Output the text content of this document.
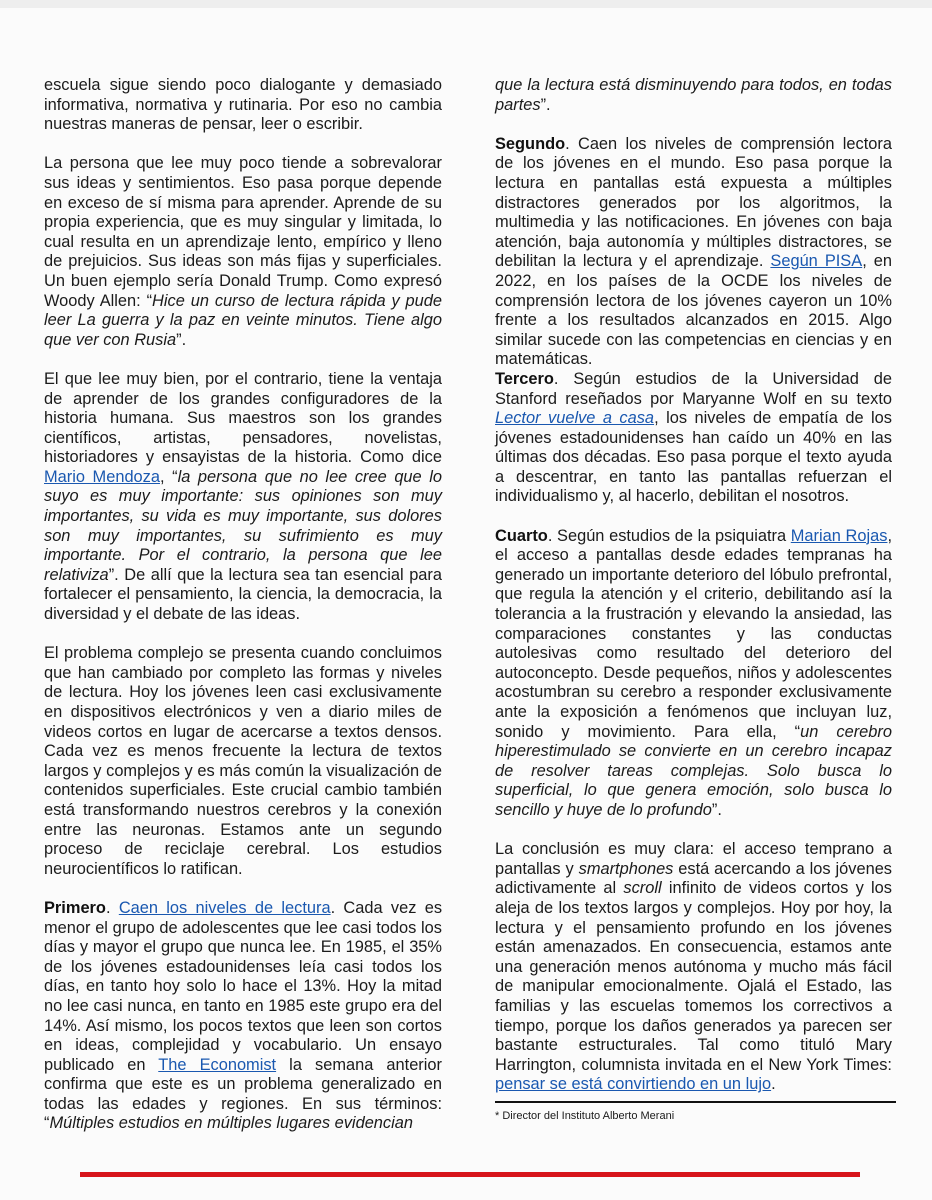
escuela sigue siendo poco dialogante y demasiado informativa, normativa y rutinaria. Por eso no cambia nuestras maneras de pensar, leer o escribir.

La persona que lee muy poco tiende a sobrevalorar sus ideas y sentimientos. Eso pasa porque depende en exceso de sí misma para aprender. Aprende de su propia experiencia, que es muy singular y limitada, lo cual resulta en un aprendizaje lento, empírico y lleno de prejuicios. Sus ideas son más fijas y superficiales. Un buen ejemplo sería Donald Trump. Como expresó Woody Allen: “Hice un curso de lectura rápida y pude leer La guerra y la paz en veinte minutos. Tiene algo que ver con Rusia”.

El que lee muy bien, por el contrario, tiene la ventaja de aprender de los grandes configuradores de la historia humana. Sus maestros son los grandes científicos, artistas, pensadores, novelistas, historiadores y ensayistas de la historia. Como dice Mario Mendoza, “la persona que no lee cree que lo suyo es muy importante: sus opiniones son muy importantes, su vida es muy importante, sus dolores son muy importantes, su sufrimiento es muy importante. Por el contrario, la persona que lee relativiza”. De allí que la lectura sea tan esencial para fortalecer el pensamiento, la ciencia, la democracia, la diversidad y el debate de las ideas.

El problema complejo se presenta cuando concluimos que han cambiado por completo las formas y niveles de lectura. Hoy los jóvenes leen casi exclusivamente en dispositivos electrónicos y ven a diario miles de videos cortos en lugar de acercarse a textos densos. Cada vez es menos frecuente la lectura de textos largos y complejos y es más común la visualización de contenidos superficiales. Este crucial cambio también está transformando nuestros cerebros y la conexión entre las neuronas. Estamos ante un segundo proceso de reciclaje cerebral. Los estudios neurocientíficos lo ratifican.

Primero. Caen los niveles de lectura. Cada vez es menor el grupo de adolescentes que lee casi todos los días y mayor el grupo que nunca lee. En 1985, el 35% de los jóvenes estadounidenses leía casi todos los días, en tanto hoy solo lo hace el 13%. Hoy la mitad no lee casi nunca, en tanto en 1985 este grupo era del 14%. Así mismo, los pocos textos que leen son cortos en ideas, complejidad y vocabulario. Un ensayo publicado en The Economist la semana anterior confirma que este es un problema generalizado en todas las edades y regiones. En sus términos: “Múltiples estudios en múltiples lugares evidencian

que la lectura está disminuyendo para todos, en todas partes”.

Segundo. Caen los niveles de comprensión lectora de los jóvenes en el mundo. Eso pasa porque la lectura en pantallas está expuesta a múltiples distractores generados por los algoritmos, la multimedia y las notificaciones. En jóvenes con baja atención, baja autonomía y múltiples distractores, se debilitan la lectura y el aprendizaje. Según PISA, en 2022, en los países de la OCDE los niveles de comprensión lectora de los jóvenes cayeron un 10% frente a los resultados alcanzados en 2015. Algo similar sucede con las competencias en ciencias y en matemáticas.

Tercero. Según estudios de la Universidad de Stanford reseñados por Maryanne Wolf en su texto Lector vuelve a casa, los niveles de empatía de los jóvenes estadounidenses han caído un 40% en las últimas dos décadas. Eso pasa porque el texto ayuda a descentrar, en tanto las pantallas refuerzan el individualismo y, al hacerlo, debilitan el nosotros.

Cuarto. Según estudios de la psiquiatra Marian Rojas, el acceso a pantallas desde edades tempranas ha generado un importante deterioro del lóbulo prefrontal, que regula la atención y el criterio, debilitando así la tolerancia a la frustración y elevando la ansiedad, las comparaciones constantes y las conductas autolesivas como resultado del deterioro del autoconcepto. Desde pequeños, niños y adolescentes acostumbran su cerebro a responder exclusivamente ante la exposición a fenómenos que incluyan luz, sonido y movimiento. Para ella, “un cerebro hiperestimulado se convierte en un cerebro incapaz de resolver tareas complejas. Solo busca lo superficial, lo que genera emoción, solo busca lo sencillo y huye de lo profundo”.

La conclusión es muy clara: el acceso temprano a pantallas y smartphones está acercando a los jóvenes adictivamente al scroll infinito de videos cortos y los aleja de los textos largos y complejos. Hoy por hoy, la lectura y el pensamiento profundo en los jóvenes están amenazados. En consecuencia, estamos ante una generación menos autónoma y mucho más fácil de manipular emocionalmente. Ojalá el Estado, las familias y las escuelas tomemos los correctivos a tiempo, porque los daños generados ya parecen ser bastante estructurales. Tal como tituló Mary Harrington, columnista invitada en el New York Times: pensar se está convirtiendo en un lujo.

* Director del Instituto Alberto Merani
